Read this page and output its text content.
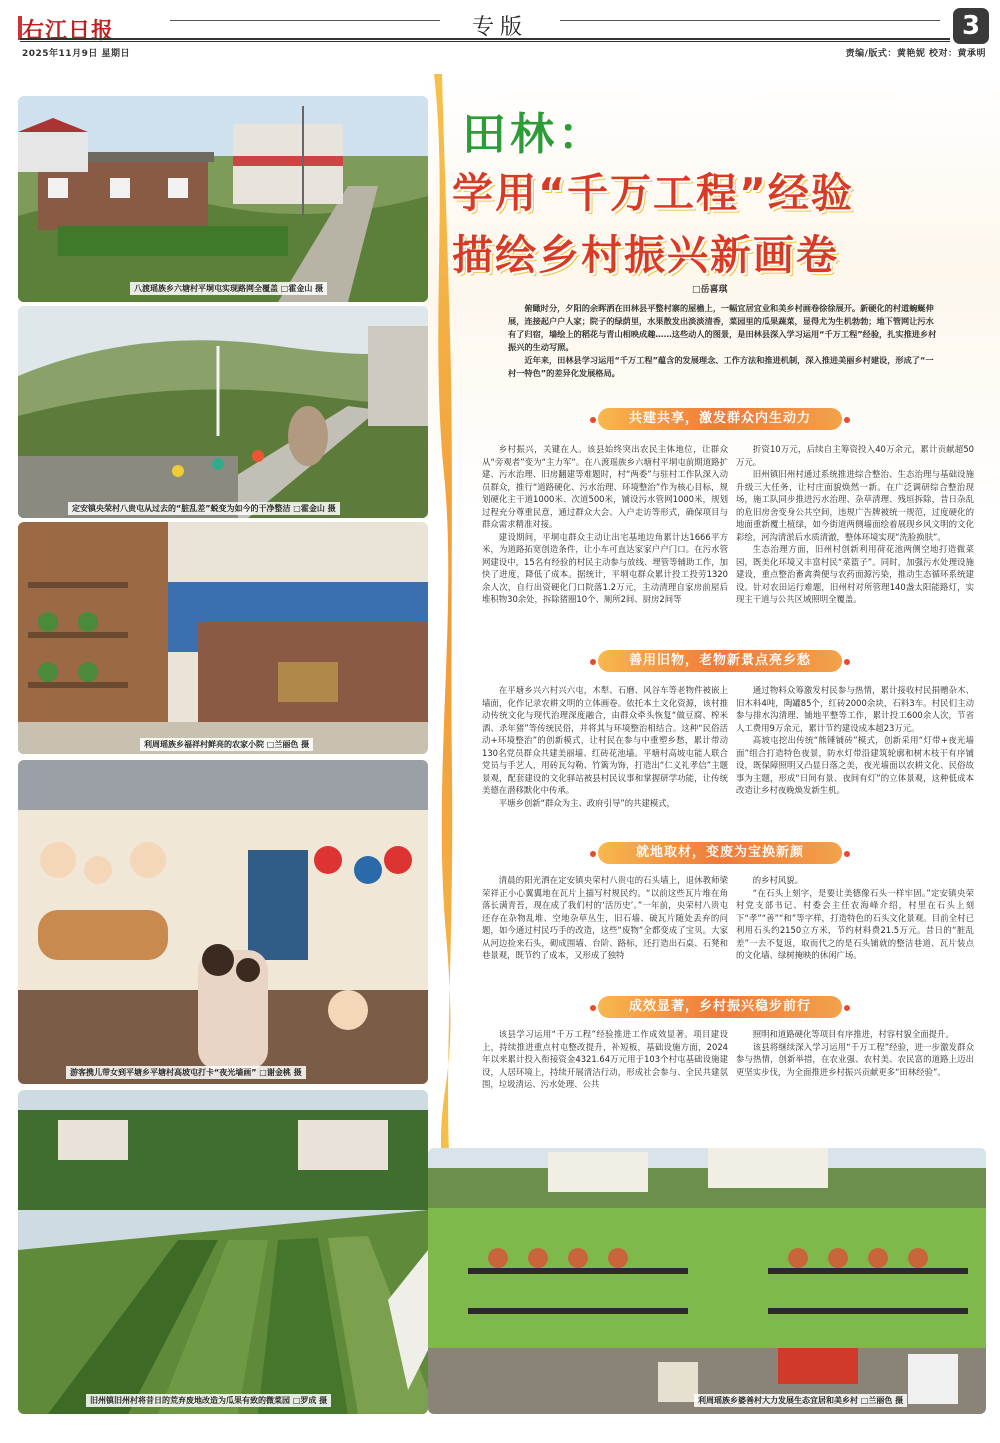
右江日报	专版	3
2025年11月9日 星期日	责编/版式：黄艳妮 校对：黄承明
八渡瑶族乡六塘村平垌屯实现路网全覆盖 □霍金山 摄
定安镇央荣村八贵屯从过去的“脏乱差”蜕变为如今的干净整洁 □霍金山 摄
利周瑶族乡福祥村鲜亮的农家小院 □兰丽色 摄
游客携儿带女到平塘乡平塘村高坡屯打卡“夜光墙画” □谢金桃 摄
旧州镇旧州村将昔日的荒弃废地改造为瓜果有致的微菜园 □罗成 摄	利周瑶族乡婆善村大力发展生态宜居和美乡村 □兰丽色 摄
田林：
学用“千万工程”经验
描绘乡村振兴新画卷
□岳喜琪
俯瞰时分，夕阳的余晖洒在田林县平整村寨的屋檐上，一幅宜居宜业和美乡村画卷徐徐展开。新硬化的村道蜿蜒伸展，连接起户户人家；院子的绿荫里，水果散发出淡淡清香，菜园里的瓜果蔬菜，显得尤为生机勃勃；地下管网让污水有了归宿，墙绘上的稻花与青山相映成趣……这些动人的图景，是田林县深入学习运用“千万工程”经验，扎实推进乡村振兴的生动写照。
近年来，田林县学习运用“千万工程”蕴含的发展理念、工作方法和推进机制，深入推进美丽乡村建设，形成了“一村一特色”的差异化发展格局。
共建共享，激发群众内生动力

乡村振兴，关键在人。该县始终突出农民主体地位，让群众从“旁观者”变为“主力军”。在八渡瑶族乡六塘村平垌屯前期道路扩建、污水治理、旧房翻建等难题时，村“两委”与驻村工作队深入动员群众，推行“道路硬化、污水治理、环境整治”作为核心目标，规划硬化主干道1000米、次道500米，铺设污水管网1000米，规划过程充分尊重民意，通过群众大会、入户走访等形式，确保项目与群众需求精准对接。

建设期间，平垌屯群众主动让出宅基地边角累计达1666平方米，为道路拓宽创造条件，让小车可直达家家户户门口。在污水管网建设中，15名有经验的村民主动参与放线、埋管等辅助工作，加快了进度，降低了成本。据统计，平垌屯群众累计投工投劳1320余人次，自行出资硬化门口院落1.2万元，主动清理自家房前屋后堆积物30余处，拆除猪圈10个、厕所2间、厨房2间等

折资10万元，后续自主筹资投入40万余元，累计贡献超50万元。

旧州镇旧州村通过系统推进综合整治、生态治理与基础设施升级三大任务，让村庄面貌焕然一新。在广泛调研综合整治现场，施工队同步推进污水治理、杂草清理、残垣拆除，昔日杂乱的危旧房舍变身公共空间，违规广告牌被统一规范，过度硬化的地面重新覆土植绿，如今街道两侧墙面绘着展现乡风文明的文化彩绘，河沟清淤后水质清澈，整体环境实现“洗脸换肤”。

生态治理方面，旧州村创新利用荷花池两侧空地打造微菜园，既美化环境又丰富村民“菜篮子”。同时，加强污水处理设施建设，重点整治畜禽粪便与农药面源污染，推动生态循环系统建设。针对农田运行难题，旧州村对所管理140盏太阳能路灯，实现主干道与公共区域照明全覆盖。

善用旧物，老物新景点亮乡愁

在平塘乡兴六村兴六屯，木犁、石磨、风谷车等老物件被嵌上墙面，化作记录农耕文明的立体画卷。依托本土文化资源，该村推动传统文化与现代治理深度融合，由群众牵头恢复“做豆腐、榨米酒、杀年猪”等传统民俗，并将其与环境整治相结合。这种“民俗活动+环境整治”的创新模式，让村民在参与中重塑乡愁，累计带动130名党员群众共建美丽墙、红砖花池墙。平塘村高坡屯能人联合党员与手艺人，用砖瓦勾勒、竹篱为饰，打造出“仁义礼孝信”主题景观，配套建设的文化驿站被县村民议事和掌握研学功能，让传统美德在潜移默化中传承。

平塘乡创新“群众为主、政府引导”的共建模式，

通过物料众筹激发村民参与热情，累计接收村民捐赠杂木、旧木料4吨，陶罐85个，红砖2000余块，石料3车。村民们主动参与排水沟清理、铺地平整等工作，累计投工600余人次，节省人工费用9万余元，累计节约建设成本超23万元。

高坡屯挖出传统“熊锤铺砖”模式，创新采用“灯带+夜光墙面”组合打造特色夜景，防水灯带沿建筑轮廓和树木枝干有序铺设，既保障照明又凸显日落之美，夜光墙面以农耕文化、民俗故事为主题，形成“日间有景、夜间有灯”的立体景观，这种低成本改造让乡村夜晚焕发新生机。

就地取材，变废为宝换新颜

清晨的阳光洒在定安镇央荣村八贵屯的石头墙上，退休教师梁荣祥正小心翼翼地在瓦片上描写村规民约。“以前这些瓦片堆在角落长满青苔，现在成了我们村的‘活历史’。”一年前，央荣村八贵屯还存在杂物乱堆、空地杂草丛生，旧石墙、破瓦片随处丢弃的问题，如今通过村民巧手的改造，这些“废物”全都变成了宝贝。大家从河边捡来石头，砌成围墙、台阶、路标，还打造出石桌、石凳和巷景观，既节约了成本，又形成了独特

的乡村风貌。

“在石头上刻字，是要让美德像石头一样牢固。”定安镇央荣村党支部书记、村委会主任农海峰介绍，村里在石头上刻下“孝”“善”“和”等字样，打造特色的石头文化景观。目前全村已利用石头约2150立方米，节约材料费21.5万元。昔日的“脏乱差”一去不复返，取而代之的是石头铺就的整洁巷道、瓦片装点的文化墙、绿树掩映的休闲广场。

成效显著，乡村振兴稳步前行

该县学习运用“千万工程”经验推进工作成效显著。项目建设上，持续推进重点村屯整改提升，补短板，基础设施方面，2024年以来累计投入衔接资金4321.64万元用于103个村屯基础设施建设，人居环境上，持续开展清洁行动，形成社会参与、全民共建氛围，垃圾清运、污水处理、公共

照明和道路硬化等项目有序推进，村容村貌全面提升。

该县将继续深入学习运用“千万工程”经验，进一步激发群众参与热情，创新举措，在农业强、农村美、农民富的道路上迈出更坚实步伐，为全面推进乡村振兴贡献更多“田林经验”。
